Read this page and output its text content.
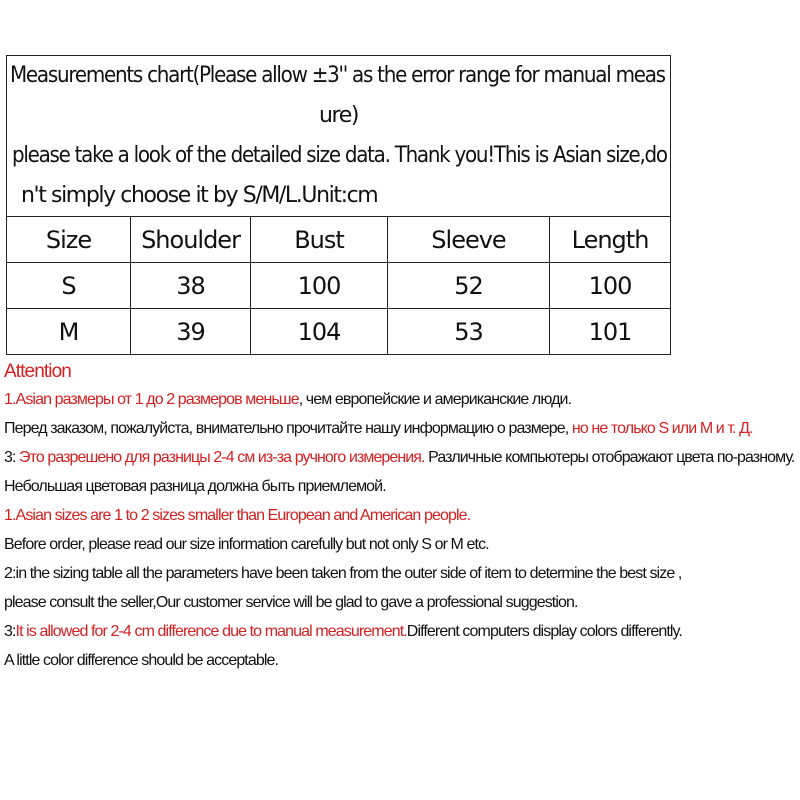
Measurements chart(Please allow ±3'' as the error range for manual meas
ure)
please take a look of the detailed size data. Thank you!This is Asian size,do
n't simply choose it by S/M/L.Unit:cm				

Size	Shoulder	Bust	Sleeve	Length
S	38	100	52	100
M	39	104	53	101
Attention
1.Asian размеры от 1 до 2 размеров меньше, чем европейские и американские люди.
Перед заказом, пожалуйста, внимательно прочитайте нашу информацию о размере, но не только S или M и т. Д.
3: Это разрешено для разницы 2-4 см из-за ручного измерения. Различные компьютеры отображают цвета по-разному.
Небольшая цветовая разница должна быть приемлемой.
1.Asian sizes are 1 to 2 sizes smaller than European and American people.
Before order, please read our size information carefully but not only S or M etc.
2:in the sizing table all the parameters have been taken from the outer side of item to determine the best size ,
please consult the seller,Our customer service will be glad to gave a professional suggestion.
3:It is allowed for 2-4 cm difference due to manual measurement.Different computers display colors differently.
A little color difference should be acceptable.
